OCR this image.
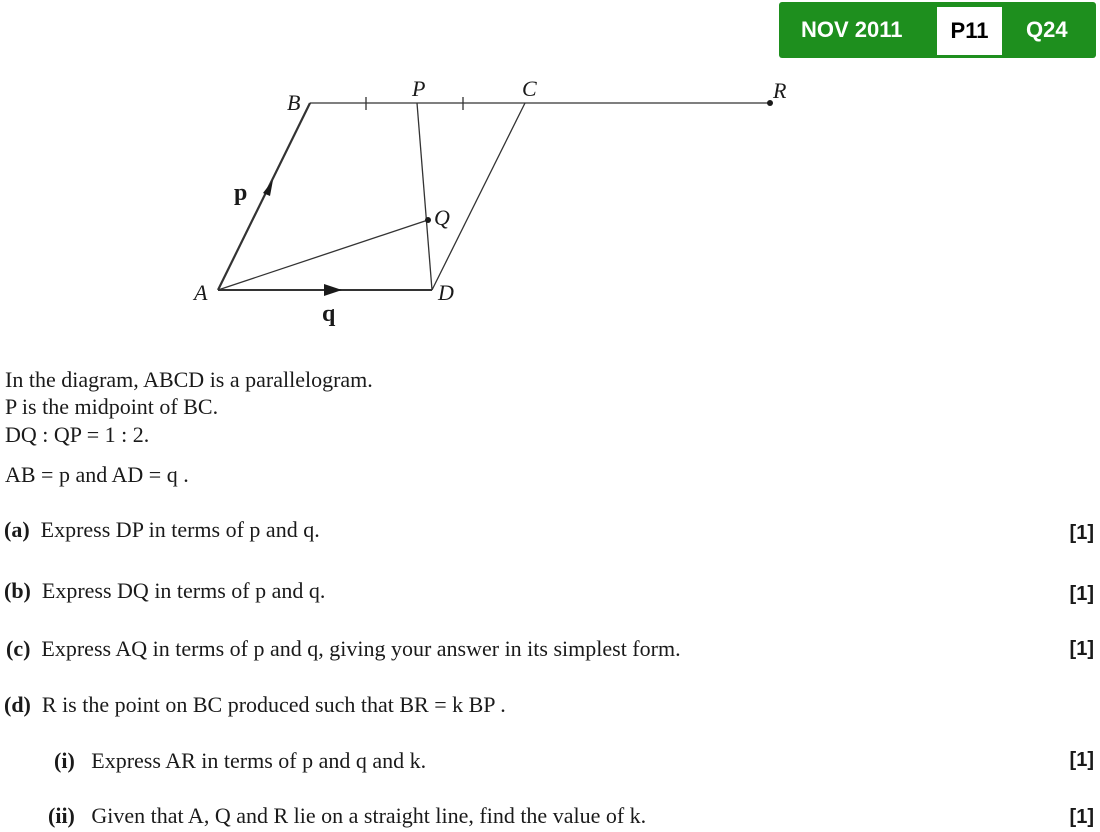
NOV 2011	P11	Q24
A
B
P	C	R
Q
D
p
q
In the diagram, ABCD is a parallelogram.
P is the midpoint of BC.
DQ : QP = 1 : 2.
AB = p and AD = q .
(a) Express DP in terms of p and q.	[1]
(b) Express DQ in terms of p and q.	[1]
(c) Express AQ in terms of p and q, giving your answer in its simplest form.	[1]
(d) R is the point on BC produced such that BR = k BP .
(i) Express AR in terms of p and q and k.	[1]
(ii) Given that A, Q and R lie on a straight line, find the value of k.	[1]
